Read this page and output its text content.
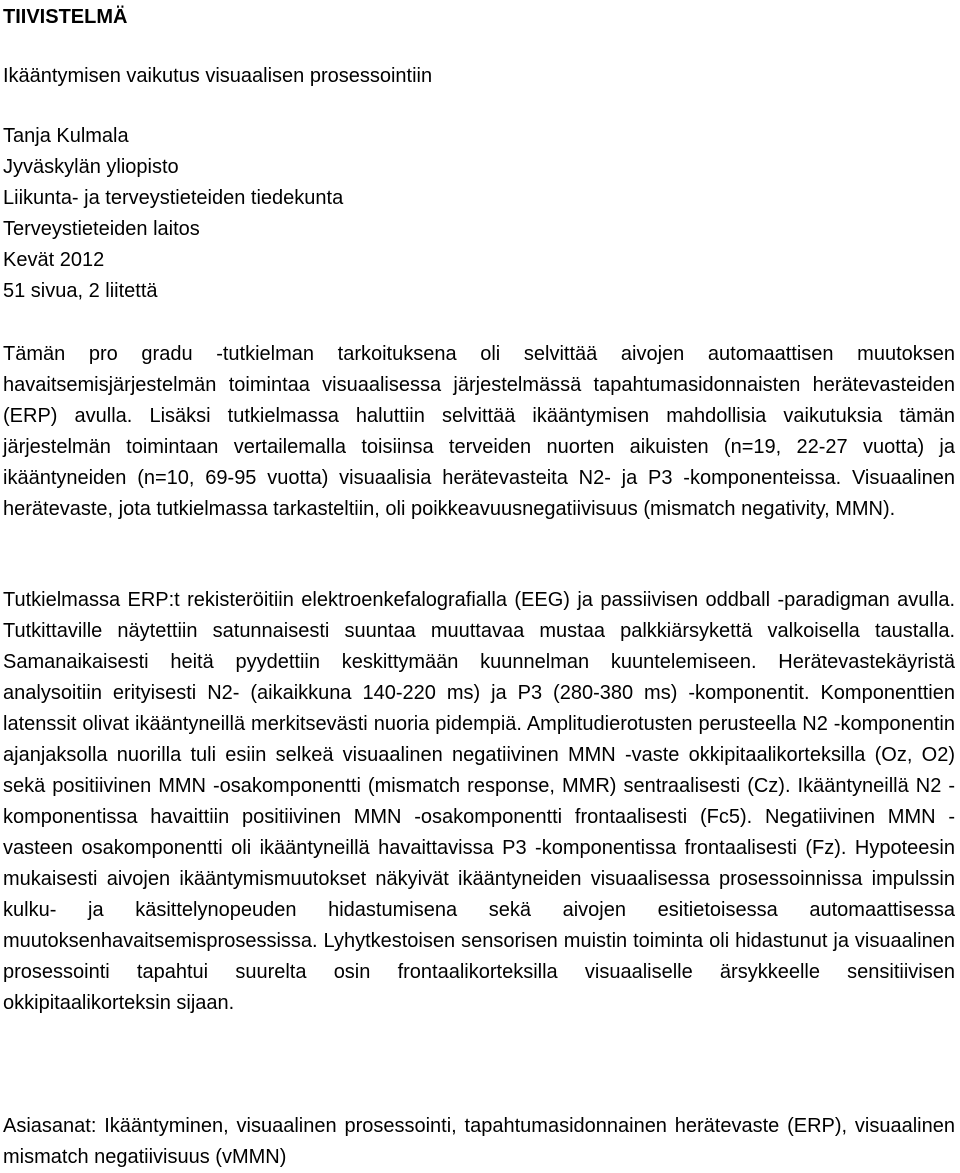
TIIVISTELMÄ

Ikääntymisen vaikutus visuaalisen prosessointiin

Tanja Kulmala

Jyväskylän yliopisto

Liikunta- ja terveystieteiden tiedekunta

Terveystieteiden laitos

Kevät 2012

51 sivua, 2 liitettä

Tämän pro gradu -tutkielman tarkoituksena oli selvittää aivojen automaattisen muutoksen havaitsemisjärjestelmän toimintaa visuaalisessa järjestelmässä tapahtumasidonnaisten herätevasteiden (ERP) avulla. Lisäksi tutkielmassa haluttiin selvittää ikääntymisen mahdollisia vaikutuksia tämän järjestelmän toimintaan vertailemalla toisiinsa terveiden nuorten aikuisten (n=19, 22-27 vuotta) ja ikääntyneiden (n=10, 69-95 vuotta) visuaalisia herätevasteita N2- ja P3 -komponenteissa. Visuaalinen herätevaste, jota tutkielmassa tarkasteltiin, oli poikkeavuusnegatiivisuus (mismatch negativity, MMN).

Tutkielmassa ERP:t rekisteröitiin elektroenkefalografialla (EEG) ja passiivisen oddball -paradigman avulla. Tutkittaville näytettiin satunnaisesti suuntaa muuttavaa mustaa palkkiärsykettä valkoisella taustalla. Samanaikaisesti heitä pyydettiin keskittymään kuunnelman kuuntelemiseen. Herätevastekäyristä analysoitiin erityisesti N2- (aikaikkuna 140-220 ms) ja P3 (280-380 ms) -komponentit. Komponenttien latenssit olivat ikääntyneillä merkitsevästi nuoria pidempiä. Amplitudierotusten perusteella N2 -komponentin ajanjaksolla nuorilla tuli esiin selkeä visuaalinen negatiivinen MMN -vaste okkipitaalikorteksilla (Oz, O2) sekä positiivinen MMN -osakomponentti (mismatch response, MMR) sentraalisesti (Cz). Ikääntyneillä N2 -komponentissa havaittiin positiivinen MMN -osakomponentti frontaalisesti (Fc5). Negatiivinen MMN -vasteen osakomponentti oli ikääntyneillä havaittavissa P3 -komponentissa frontaalisesti (Fz). Hypoteesin mukaisesti aivojen ikääntymismuutokset näkyivät ikääntyneiden visuaalisessa prosessoinnissa impulssin kulku- ja käsittelynopeuden hidastumisena sekä aivojen esitietoisessa automaattisessa muutoksenhavaitsemisprosessissa. Lyhytkestoisen sensorisen muistin toiminta oli hidastunut ja visuaalinen prosessointi tapahtui suurelta osin frontaalikorteksilla visuaaliselle ärsykkeelle sensitiivisen okkipitaalikorteksin sijaan.

Asiasanat: Ikääntyminen, visuaalinen prosessointi, tapahtumasidonnainen herätevaste (ERP), visuaalinen mismatch negatiivisuus (vMMN)
